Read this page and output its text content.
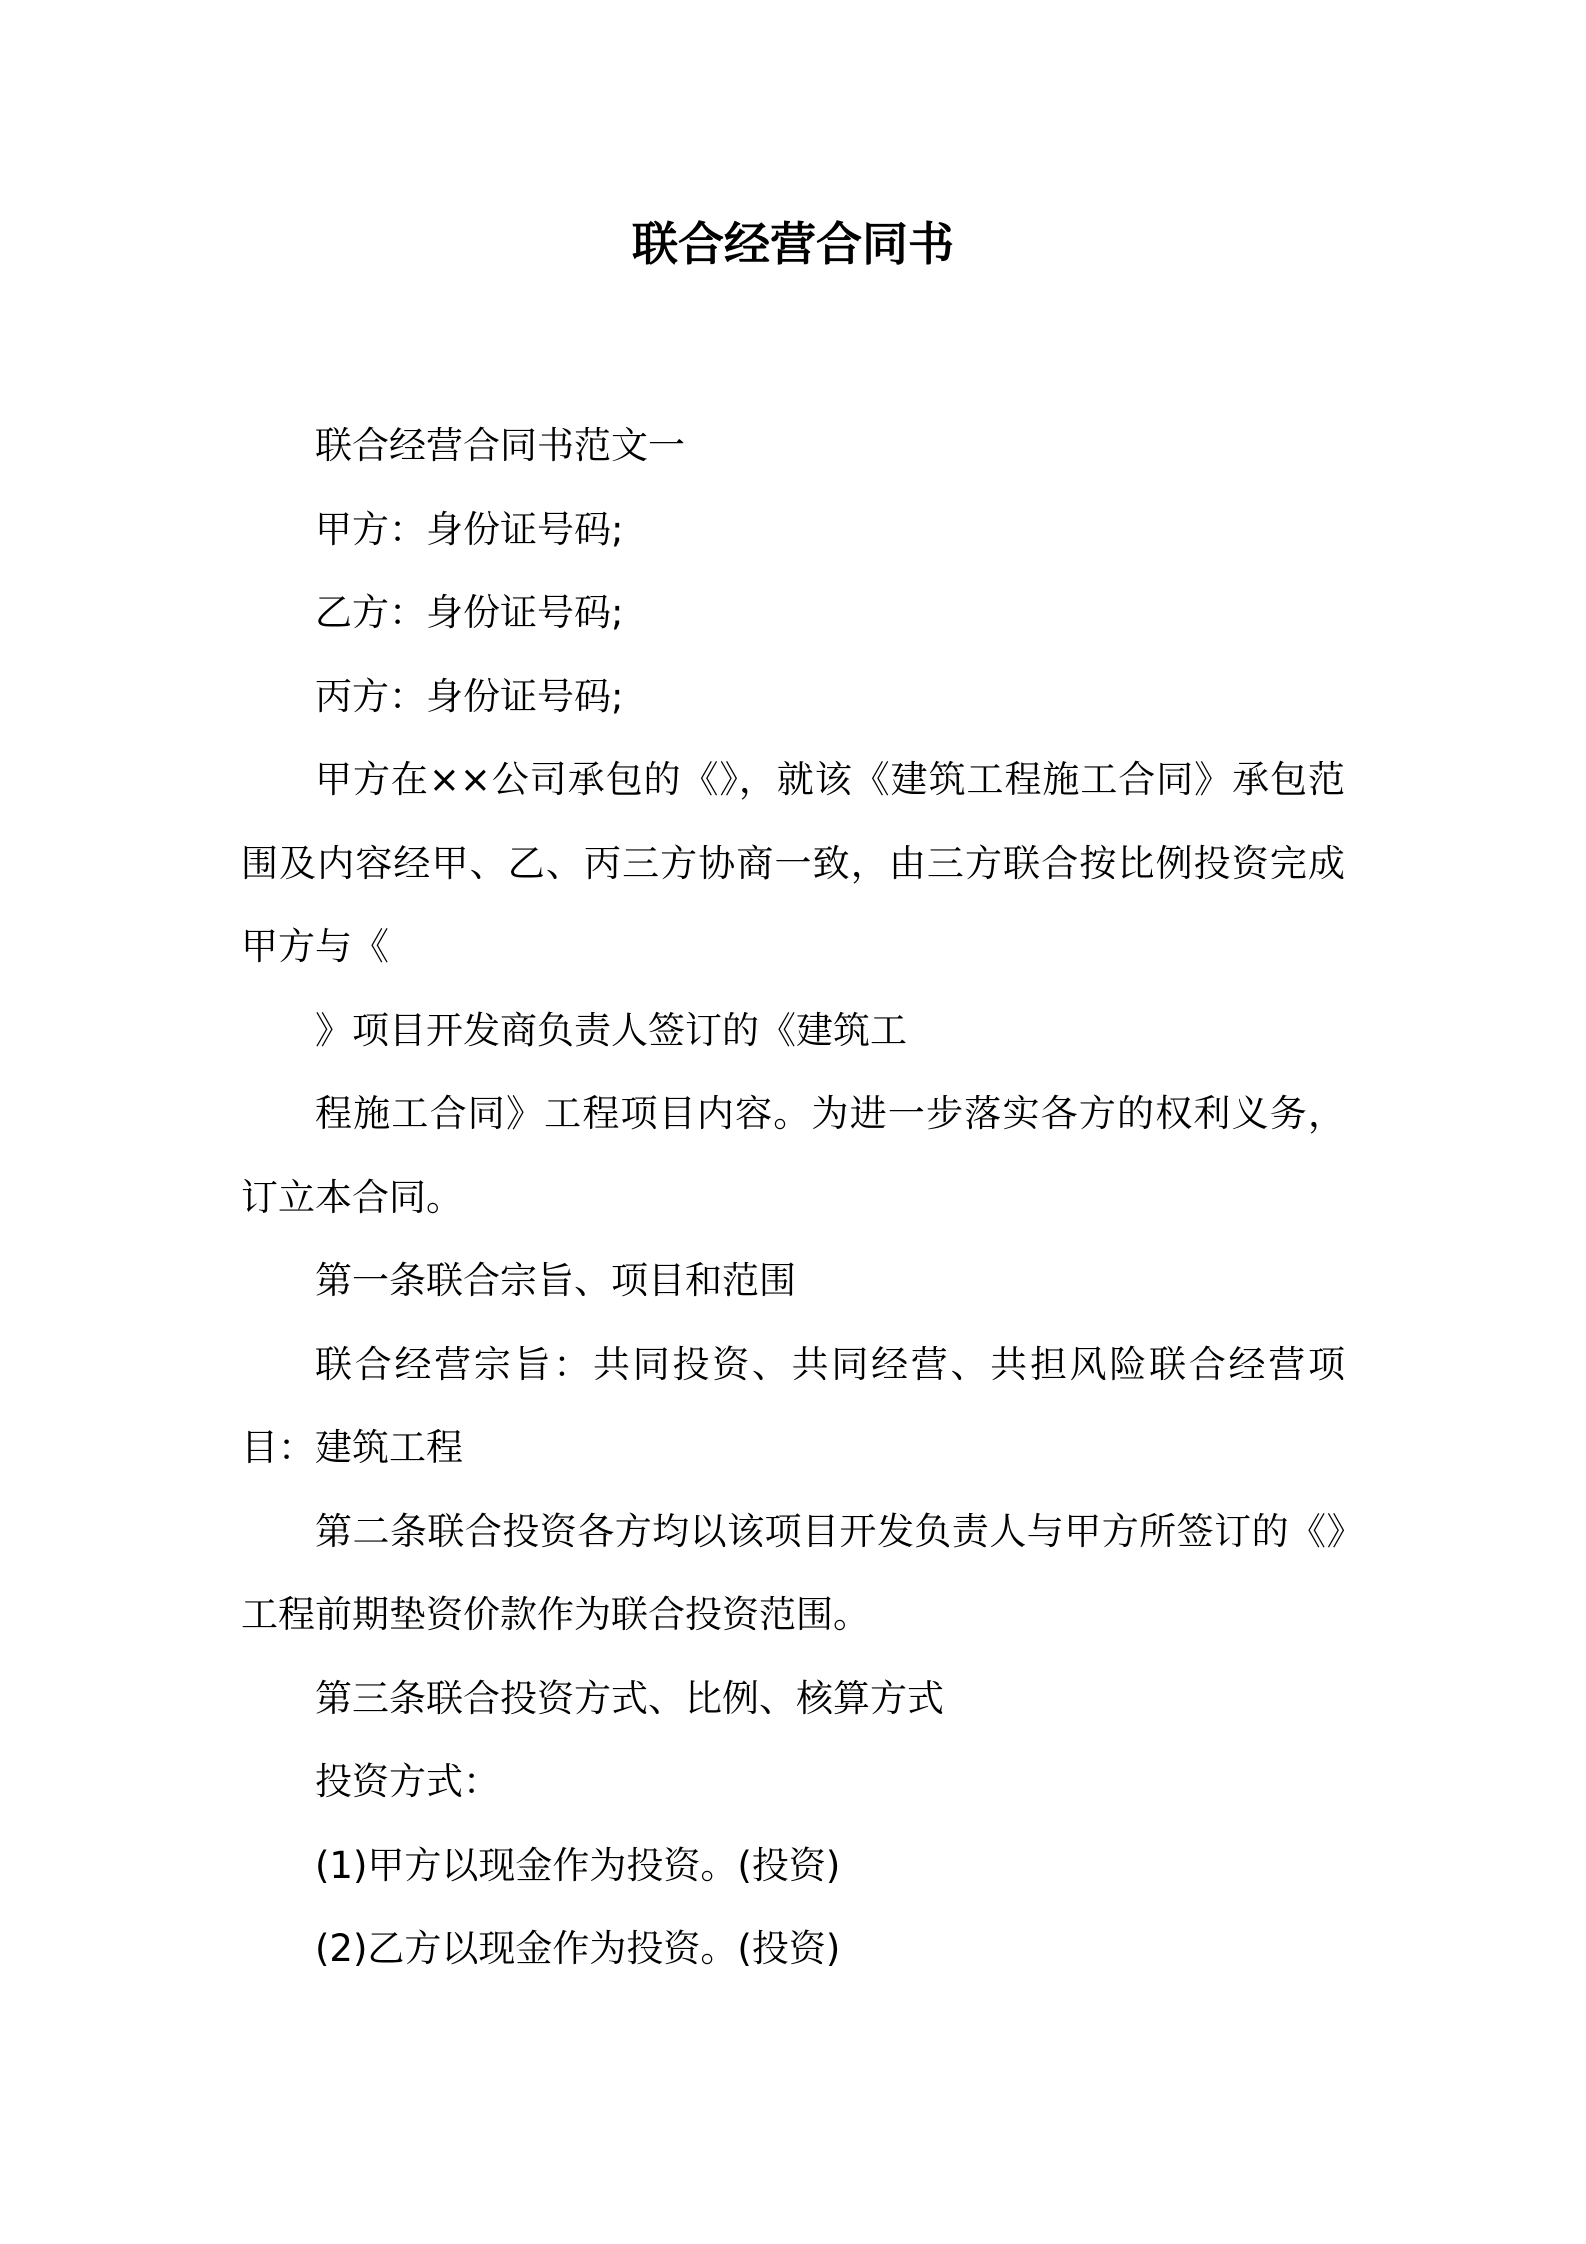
联合经营合同书

联合经营合同书范文一

甲方：身份证号码;

乙方：身份证号码;

丙方：身份证号码;

甲方在××公司承包的《》，就该《建筑工程施工合同》承包范围及内容经甲、乙、丙三方协商一致，由三方联合按比例投资完成甲方与《

》项目开发商负责人签订的《建筑工

程施工合同》工程项目内容。为进一步落实各方的权利义务，订立本合同。

第一条联合宗旨、项目和范围

联合经营宗旨：共同投资、共同经营、共担风险联合经营项目：建筑工程

第二条联合投资各方均以该项目开发负责人与甲方所签订的《》工程前期垫资价款作为联合投资范围。

第三条联合投资方式、比例、核算方式

投资方式：

(1)甲方以现金作为投资。(投资)

(2)乙方以现金作为投资。(投资)
